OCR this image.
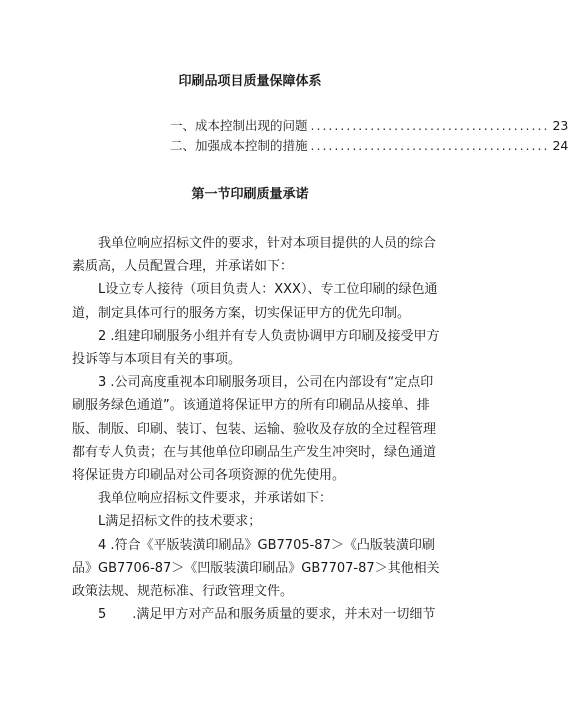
印刷品项目质量保障体系
一、成本控制出现的问题 ........................................ 23
二、加强成本控制的措施 ........................................ 24
第一节印刷质量承诺

我单位响应招标文件的要求，针对本项目提供的人员的综合素质高，人员配置合理，并承诺如下：

L设立专人接待（项目负责人：XXX）、专工位印刷的绿色通道，制定具体可行的服务方案，切实保证甲方的优先印制。

2 .组建印刷服务小组并有专人负责协调甲方印刷及接受甲方投诉等与本项目有关的事项。

3 .公司高度重视本印刷服务项目，公司在内部设有“定点印刷服务绿色通道”。该通道将保证甲方的所有印刷品从接单、排版、制版、印刷、装订、包装、运输、验收及存放的全过程管理都有专人负责；在与其他单位印刷品生产发生冲突时，绿色通道将保证贵方印刷品对公司各项资源的优先使用。

我单位响应招标文件要求，并承诺如下：

L满足招标文件的技术要求；

4 .符合《平版装潢印刷品》GB7705-87＞《凸版装潢印刷品》GB7706-87＞《凹版装潢印刷品》GB7707-87＞其他相关政策法规、规范标准、行政管理文件。

5　　.满足甲方对产品和服务质量的要求，并未对一切细节
